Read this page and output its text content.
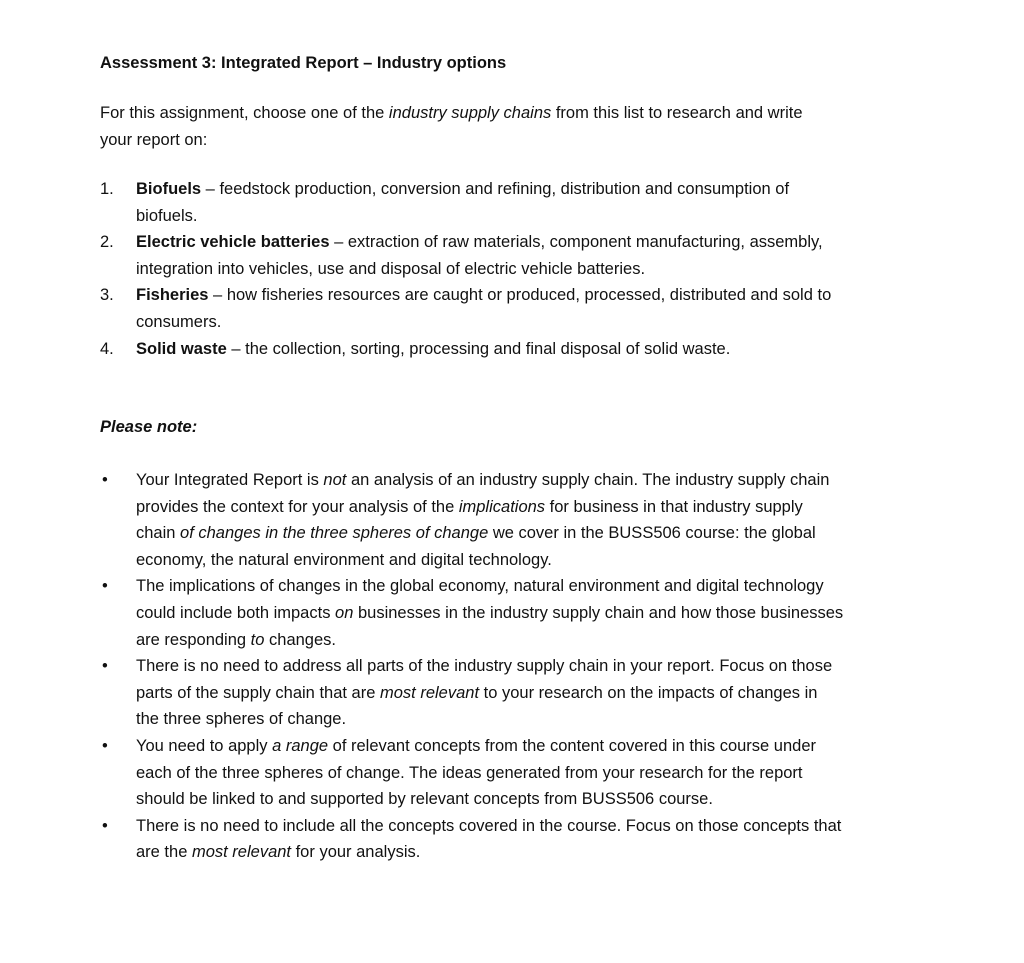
Assessment 3: Integrated Report – Industry options
Please note:
For this assignment, choose one of the industry supply chains from this list to research and write
your report on:
1. Biofuels – feedstock production, conversion and refining, distribution and consumption of
biofuels.
2. Electric vehicle batteries – extraction of raw materials, component manufacturing, assembly,
integration into vehicles, use and disposal of electric vehicle batteries.
3. Fisheries – how fisheries resources are caught or produced, processed, distributed and sold to
consumers.
4. Solid waste – the collection, sorting, processing and final disposal of solid waste.
• Your Integrated Report is not an analysis of an industry supply chain. The industry supply chain
provides the context for your analysis of the implications for business in that industry supply
chain of changes in the three spheres of change we cover in the BUSS506 course: the global
economy, the natural environment and digital technology.
• The implications of changes in the global economy, natural environment and digital technology
could include both impacts on businesses in the industry supply chain and how those businesses
are responding to changes.
• There is no need to address all parts of the industry supply chain in your report. Focus on those
parts of the supply chain that are most relevant to your research on the impacts of changes in
the three spheres of change.
• You need to apply a range of relevant concepts from the content covered in this course under
each of the three spheres of change. The ideas generated from your research for the report
should be linked to and supported by relevant concepts from BUSS506 course.
• There is no need to include all the concepts covered in the course. Focus on those concepts that
are the most relevant for your analysis.
